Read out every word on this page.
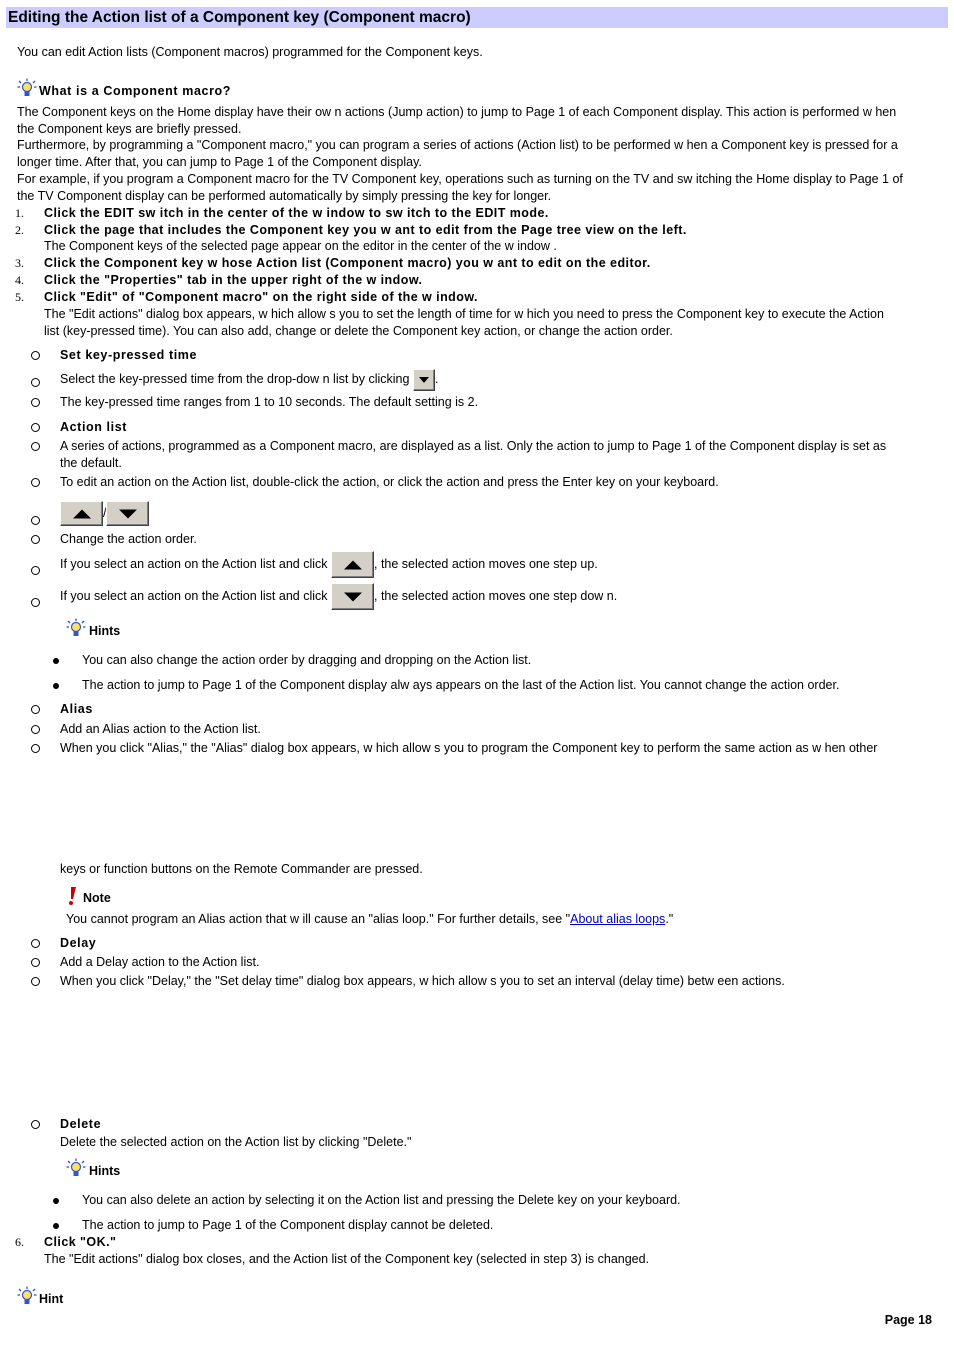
Editing the Action list of a Component key (Component macro)
You can edit Action lists (Component macros) programmed for the Component keys.
What is a Component macro?
The Component keys on the Home display have their ow n actions (Jump action) to jump to Page 1 of each Component display. This action is performed w hen
the Component keys are briefly pressed.
Furthermore, by programming a "Component macro," you can program a series of actions (Action list) to be performed w hen a Component key is pressed for a
longer time. After that, you can jump to Page 1 of the Component display.
For example, if you program a Component macro for the TV Component key, operations such as turning on the TV and sw itching the Home display to Page 1 of
the TV Component display can be performed automatically by simply pressing the key for longer.
1. Click the EDIT sw itch in the center of the w indow to sw itch to the EDIT mode.
2. Click the page that includes the Component key you w ant to edit from the Page tree view on the left.
The Component keys of the selected page appear on the editor in the center of the w indow .
3. Click the Component key w hose Action list (Component macro) you w ant to edit on the editor.
4. Click the "Properties" tab in the upper right of the w indow.
5. Click "Edit" of "Component macro" on the right side of the w indow.
The "Edit actions" dialog box appears, w hich allow s you to set the length of time for w hich you need to press the Component key to execute the Action
list (key-pressed time). You can also add, change or delete the Component key action, or change the action order.
Set key-pressed time
Select the key-pressed time from the drop-dow n list by clicking .
The key-pressed time ranges from 1 to 10 seconds. The default setting is 2.
Action list
A series of actions, programmed as a Component macro, are displayed as a list. Only the action to jump to Page 1 of the Component display is set as
the default.
To edit an action on the Action list, double-click the action, or click the action and press the Enter key on your keyboard.
/
Change the action order.
If you select an action on the Action list and click	, the selected action moves one step up.
If you select an action on the Action list and click	, the selected action moves one step dow n.
Hints
You can also change the action order by dragging and dropping on the Action list.
The action to jump to Page 1 of the Component display alw ays appears on the last of the Action list. You cannot change the action order.
Alias
Add an Alias action to the Action list.
When you click "Alias," the "Alias" dialog box appears, w hich allow s you to program the Component key to perform the same action as w hen other
keys or function buttons on the Remote Commander are pressed.
Note
You cannot program an Alias action that w ill cause an "alias loop." For further details, see "About alias loops."
Delay
Add a Delay action to the Action list.
When you click "Delay," the "Set delay time" dialog box appears, w hich allow s you to set an interval (delay time) betw een actions.
Delete
Delete the selected action on the Action list by clicking "Delete."
Hints
You can also delete an action by selecting it on the Action list and pressing the Delete key on your keyboard.
The action to jump to Page 1 of the Component display cannot be deleted.
6. Click "OK."
The "Edit actions" dialog box closes, and the Action list of the Component key (selected in step 3) is changed.
Hint
Page 18
